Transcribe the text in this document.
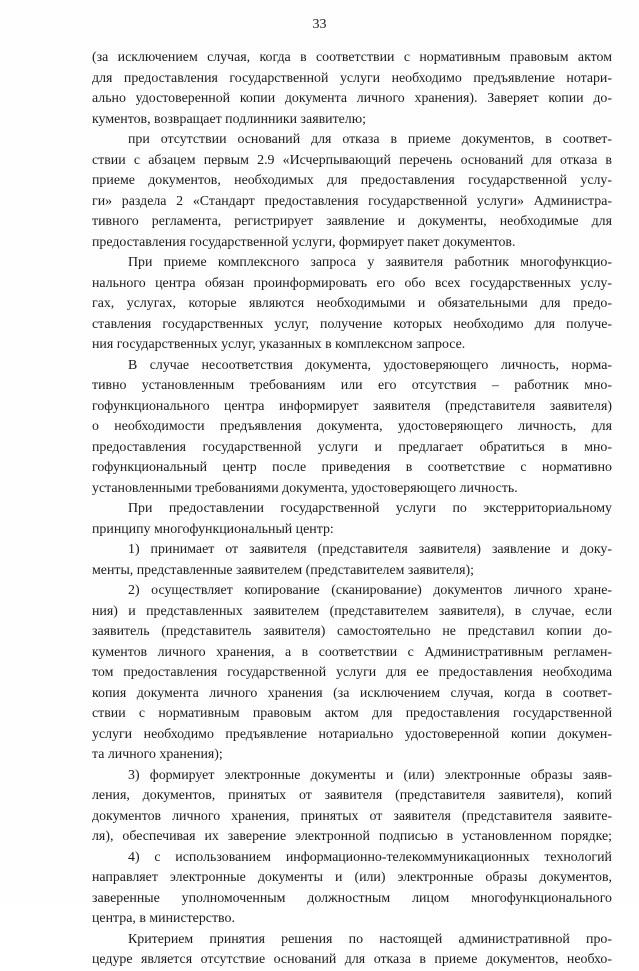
33
(за исключением случая, когда в соответствии с нормативным правовым актом
для предоставления государственной услуги необходимо предъявление нотари-
ально удостоверенной копии документа личного хранения). Заверяет копии до-
кументов, возвращает подлинники заявителю;
при отсутствии оснований для отказа в приеме документов, в соответ-
ствии с абзацем первым 2.9 «Исчерпывающий перечень оснований для отказа в
приеме документов, необходимых для предоставления государственной услу-
ги» раздела 2 «Стандарт предоставления государственной услуги» Администра-
тивного регламента, регистрирует заявление и документы, необходимые для
предоставления государственной услуги, формирует пакет документов.
При приеме комплексного запроса у заявителя работник многофункцио-
нального центра обязан проинформировать его обо всех государственных услу-
гах, услугах, которые являются необходимыми и обязательными для предо-
ставления государственных услуг, получение которых необходимо для получе-
ния государственных услуг, указанных в комплексном запросе.
В случае несоответствия документа, удостоверяющего личность, норма-
тивно установленным требованиям или его отсутствия – работник мно-
гофункционального центра информирует заявителя (представителя заявителя)
о необходимости предъявления документа, удостоверяющего личность, для
предоставления государственной услуги и предлагает обратиться в мно-
гофункциональный центр после приведения в соответствие с нормативно
установленными требованиями документа, удостоверяющего личность.
При предоставлении государственной услуги по экстерриториальному
принципу многофункциональный центр:
1) принимает от заявителя (представителя заявителя) заявление и доку-
менты, представленные заявителем (представителем заявителя);
2) осуществляет копирование (сканирование) документов личного хране-
ния) и представленных заявителем (представителем заявителя), в случае, если
заявитель (представитель заявителя) самостоятельно не представил копии до-
кументов личного хранения, а в соответствии с Административным регламен-
том предоставления государственной услуги для ее предоставления необходима
копия документа личного хранения (за исключением случая, когда в соответ-
ствии с нормативным правовым актом для предоставления государственной
услуги необходимо предъявление нотариально удостоверенной копии докумен-
та личного хранения);
3) формирует электронные документы и (или) электронные образы заяв-
ления, документов, принятых от заявителя (представителя заявителя), копий
документов личного хранения, принятых от заявителя (представителя заявите-
ля), обеспечивая их заверение электронной подписью в установленном порядке;
4) с использованием информационно-телекоммуникационных технологий
направляет электронные документы и (или) электронные образы документов,
заверенные уполномоченным должностным лицом многофункционального
центра, в министерство.
Критерием принятия решения по настоящей административной про-
цедуре является отсутствие оснований для отказа в приеме документов, необхо-
